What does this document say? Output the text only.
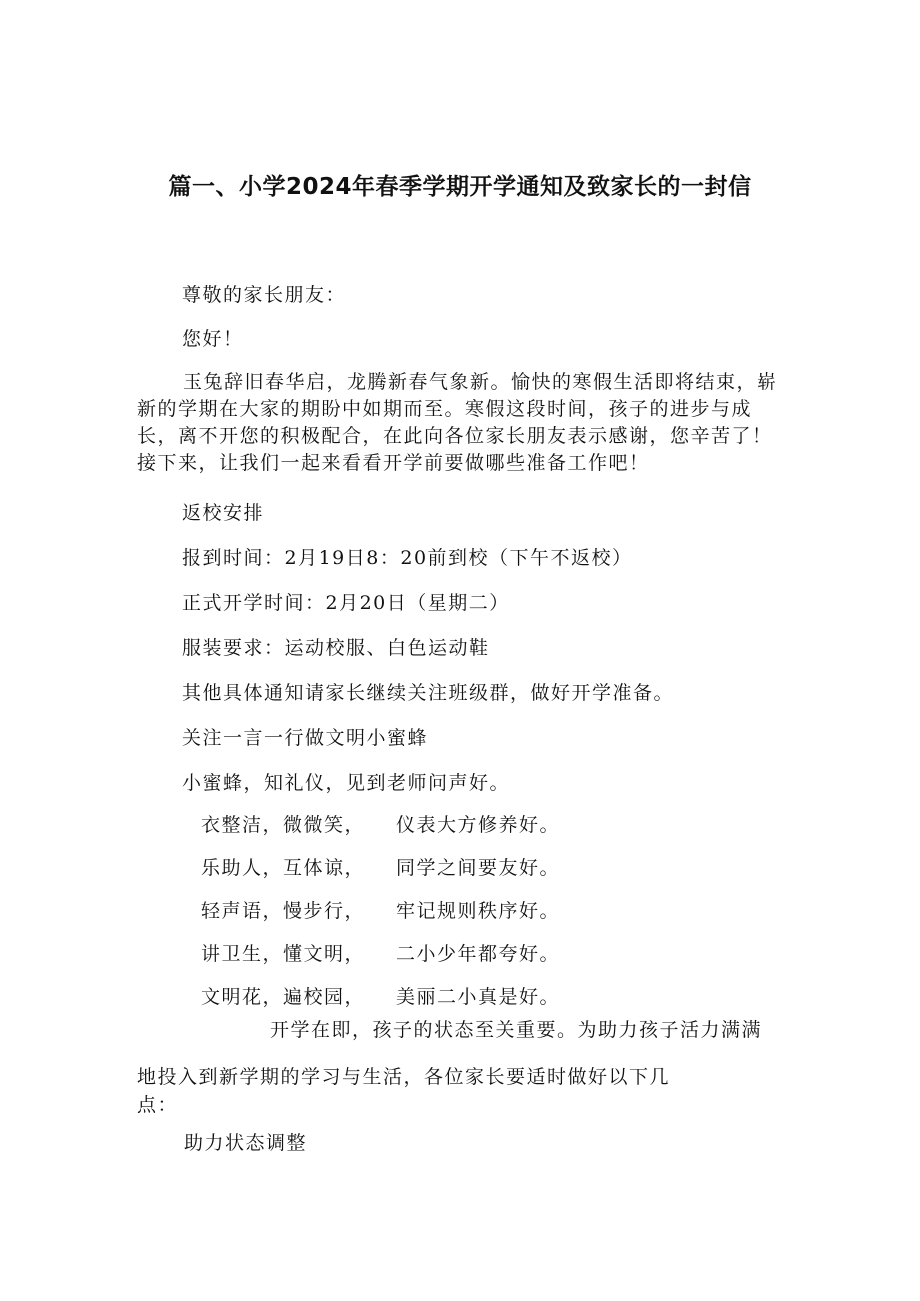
篇一、小学2024年春季学期开学通知及致家长的一封信
尊敬的家长朋友：
您好！
玉兔辞旧春华启，龙腾新春气象新。愉快的寒假生活即将结束，崭新的学期在大家的期盼中如期而至。寒假这段时间，孩子的进步与成长，离不开您的积极配合，在此向各位家长朋友表示感谢，您辛苦了！接下来，让我们一起来看看开学前要做哪些准备工作吧！
返校安排
报到时间：2月19日8：20前到校（下午不返校）
正式开学时间：2月20日（星期二）
服装要求：运动校服、白色运动鞋
其他具体通知请家长继续关注班级群，做好开学准备。
关注一言一行做文明小蜜蜂
小蜜蜂，知礼仪，见到老师问声好。
衣整洁，微微笑， 仪表大方修养好。
乐助人，互体谅， 同学之间要友好。
轻声语，慢步行， 牢记规则秩序好。
讲卫生，懂文明， 二小少年都夸好。
文明花，遍校园， 美丽二小真是好。
开学在即，孩子的状态至关重要。为助力孩子活力满满
地投入到新学期的学习与生活，各位家长要适时做好以下几
点：
助力状态调整
